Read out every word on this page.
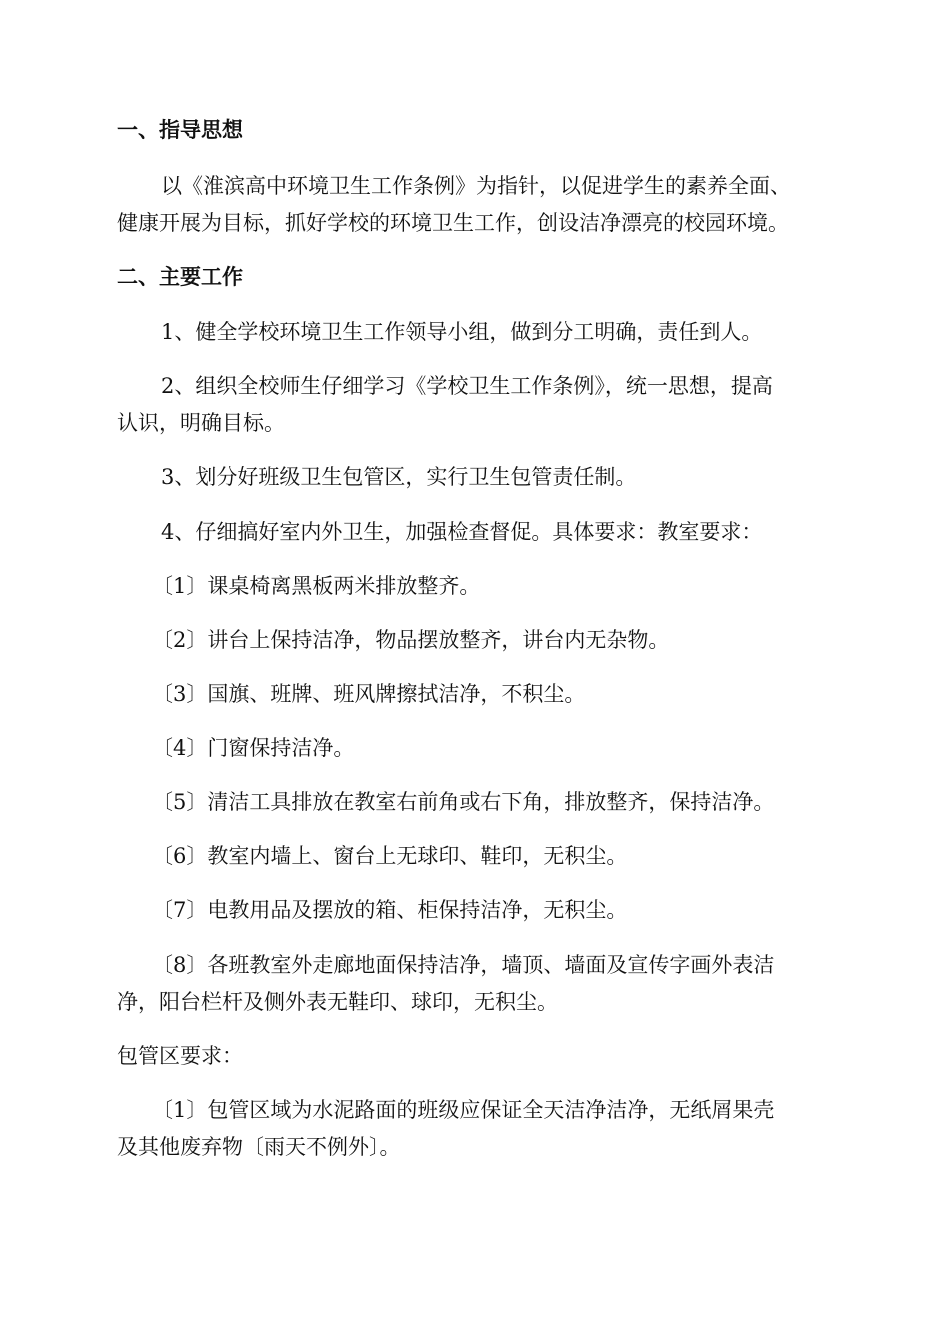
一、指导思想
以《淮滨高中环境卫生工作条例》为指针，以促进学生的素养全面、
健康开展为目标，抓好学校的环境卫生工作，创设洁净漂亮的校园环境。
二、主要工作
1、健全学校环境卫生工作领导小组，做到分工明确，责任到人。
2、组织全校师生仔细学习《学校卫生工作条例》，统一思想，提高
认识，明确目标。
3、划分好班级卫生包管区，实行卫生包管责任制。
4、仔细搞好室内外卫生，加强检查督促。具体要求：教室要求：
〔1〕课桌椅离黑板两米排放整齐。
〔2〕讲台上保持洁净，物品摆放整齐，讲台内无杂物。
〔3〕国旗、班牌、班风牌擦拭洁净，不积尘。
〔4〕门窗保持洁净。
〔5〕清洁工具排放在教室右前角或右下角，排放整齐，保持洁净。
〔6〕教室内墙上、窗台上无球印、鞋印，无积尘。
〔7〕电教用品及摆放的箱、柜保持洁净，无积尘。
〔8〕各班教室外走廊地面保持洁净，墙顶、墙面及宣传字画外表洁
净，阳台栏杆及侧外表无鞋印、球印，无积尘。
包管区要求：
〔1〕包管区域为水泥路面的班级应保证全天洁净洁净，无纸屑果壳
及其他废弃物〔雨天不例外〕。
